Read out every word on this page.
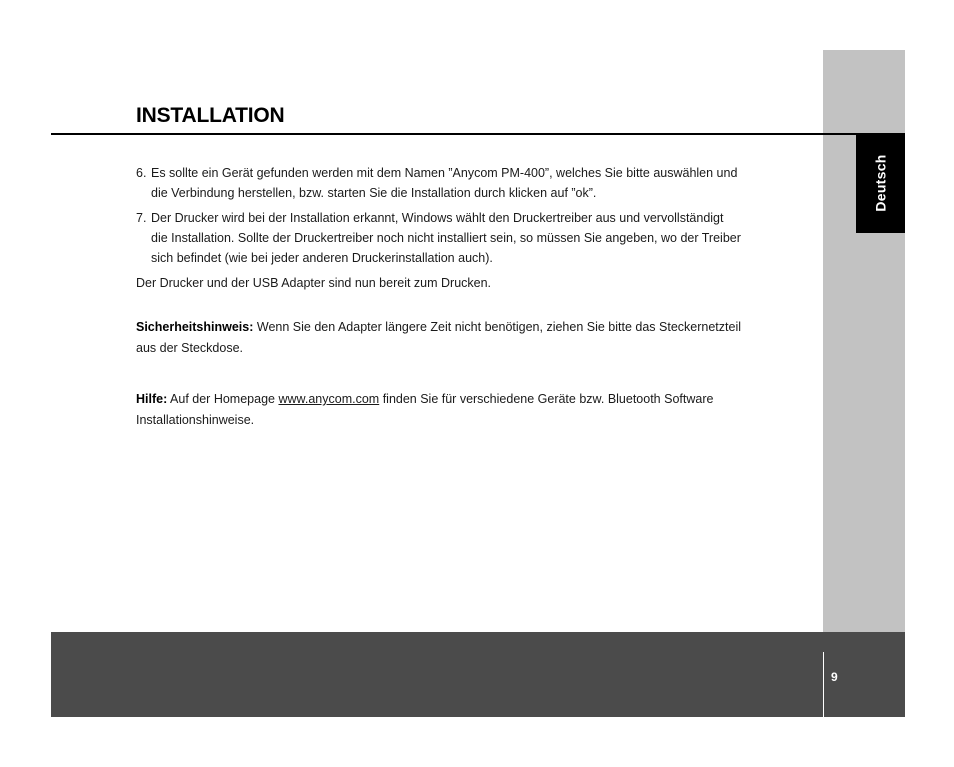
Deutsch
INSTALLATION
6. Es sollte ein Gerät gefunden werden mit dem Namen ”Anycom PM-400”, welches Sie bitte auswählen und
die Verbindung herstellen, bzw. starten Sie die Installation durch klicken auf ”ok”.
7. Der Drucker wird bei der Installation erkannt, Windows wählt den Druckertreiber aus und vervollständigt
die Installation. Sollte der Druckertreiber noch nicht installiert sein, so müssen Sie angeben, wo der Treiber
sich befindet (wie bei jeder anderen Druckerinstallation auch).

Der Drucker und der USB Adapter sind nun bereit zum Drucken.

Sicherheitshinweis: Wenn Sie den Adapter längere Zeit nicht benötigen, ziehen Sie bitte das Steckernetzteil
aus der Steckdose.
Hilfe: Auf der Homepage www.anycom.com finden Sie für verschiedene Geräte bzw. Bluetooth Software
Installationshinweise.
9
